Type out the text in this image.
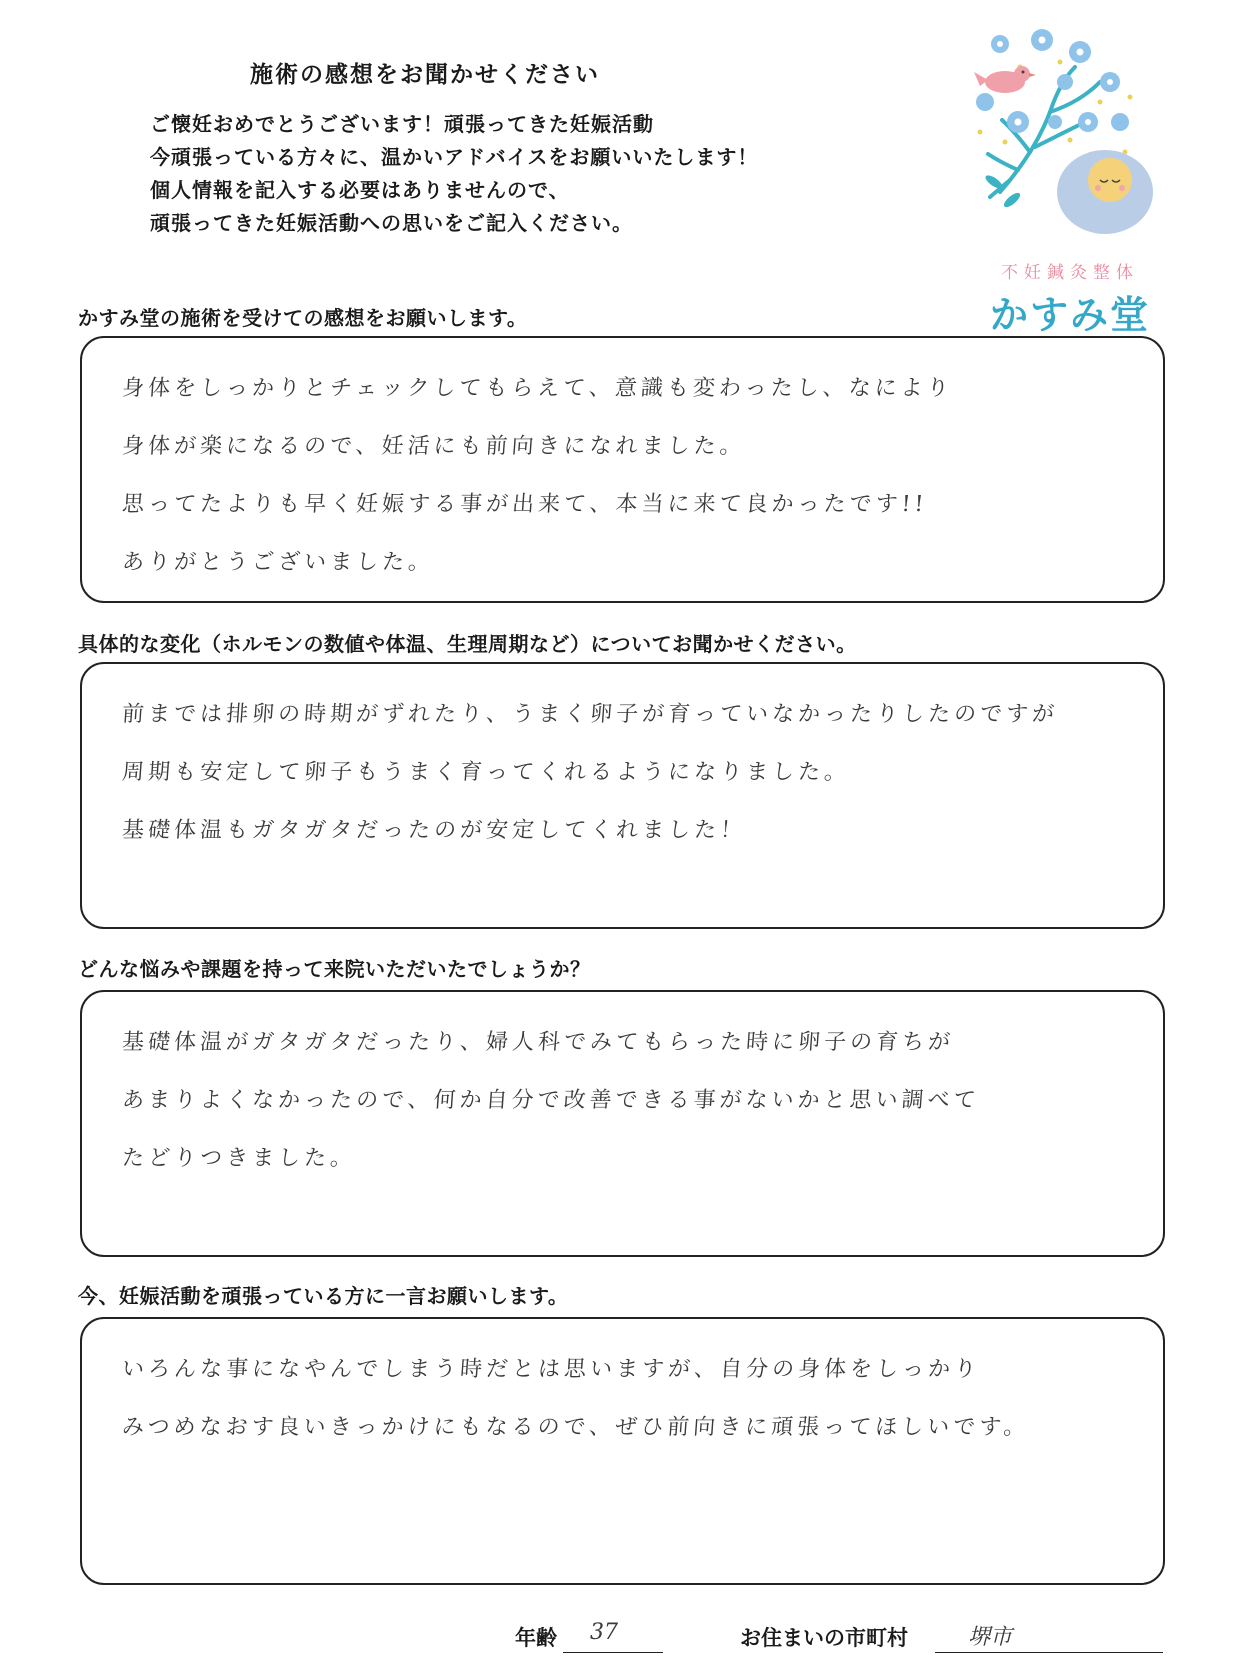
施術の感想をお聞かせください
ご懐妊おめでとうございます！頑張ってきた妊娠活動
今頑張っている方々に、温かいアドバイスをお願いいたします！
個人情報を記入する必要はありませんので、
頑張ってきた妊娠活動への思いをご記入ください。
不妊鍼灸整体
かすみ堂
かすみ堂の施術を受けての感想をお願いします。
身体をしっかりとチェックしてもらえて、意識も変わったし、なにより
身体が楽になるので、妊活にも前向きになれました。
思ってたよりも早く妊娠する事が出来て、本当に来て良かったです!!
ありがとうございました。
具体的な変化（ホルモンの数値や体温、生理周期など）についてお聞かせください。
前までは排卵の時期がずれたり、うまく卵子が育っていなかったりしたのですが
周期も安定して卵子もうまく育ってくれるようになりました。
基礎体温もガタガタだったのが安定してくれました！
どんな悩みや課題を持って来院いただいたでしょうか？
基礎体温がガタガタだったり、婦人科でみてもらった時に卵子の育ちが
あまりよくなかったので、何か自分で改善できる事がないかと思い調べて
たどりつきました。
今、妊娠活動を頑張っている方に一言お願いします。
いろんな事になやんでしまう時だとは思いますが、自分の身体をしっかり
みつめなおす良いきっかけにもなるので、ぜひ前向きに頑張ってほしいです。
年齢 37	お住まいの市町村	堺市
